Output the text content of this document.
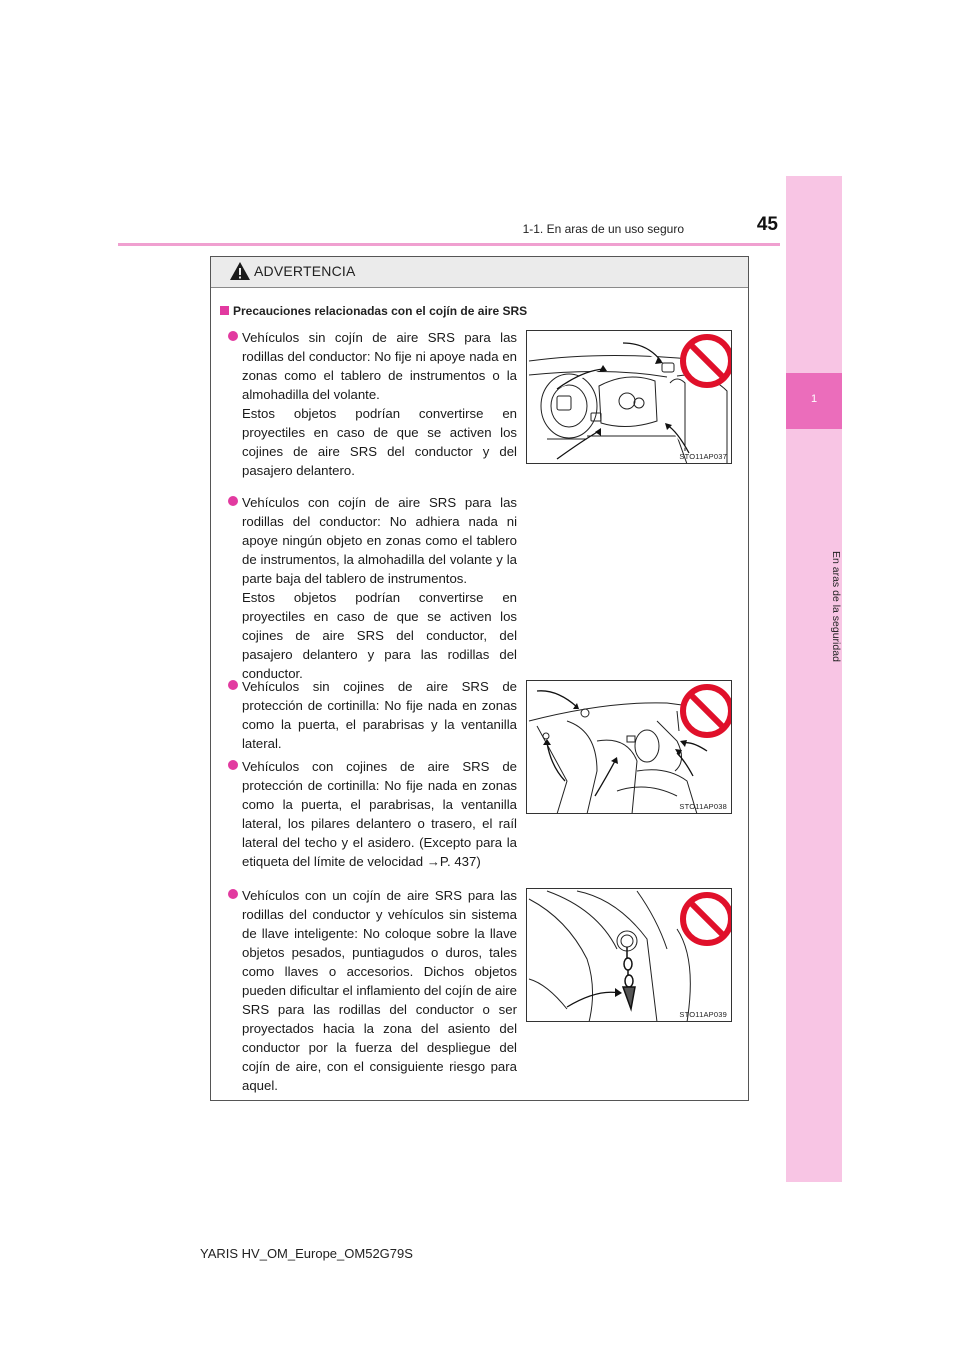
1-1. En aras de un uso seguro	45
1
En aras de la seguridad
ADVERTENCIA
Precauciones relacionadas con el cojín de aire SRS
Vehículos sin cojín de aire SRS para las rodillas del conductor: No fije ni apoye nada en zonas como el tablero de instrumentos o la almohadilla del volante.
Estos objetos podrían convertirse en proyectiles en caso de que se activen los cojines de aire SRS del conductor y del pasajero delantero.
Vehículos con cojín de aire SRS para las rodillas del conductor: No adhiera nada ni apoye ningún objeto en zonas como el tablero de instrumentos, la almohadilla del volante y la parte baja del tablero de instrumentos.
Estos objetos podrían convertirse en proyectiles en caso de que se activen los cojines de aire SRS del conductor, del pasajero delantero y para las rodillas del conductor.
Vehículos sin cojines de aire SRS de protección de cortinilla: No fije nada en zonas como la puerta, el parabrisas y la ventanilla lateral.
Vehículos con cojines de aire SRS de protección de cortinilla: No fije nada en zonas como la puerta, el parabrisas, la ventanilla lateral, los pilares delantero o trasero, el raíl lateral del techo y el asidero. (Excepto para la etiqueta del límite de velocidad →P. 437)
Vehículos con un cojín de aire SRS para las rodillas del conductor y vehículos sin sistema de llave inteligente: No coloque sobre la llave objetos pesados, puntiagudos o duros, tales como llaves o accesorios. Dichos objetos pueden dificultar el inflamiento del cojín de aire SRS para las rodillas del conductor o ser proyectados hacia la zona del asiento del conductor por la fuerza del despliegue del cojín de aire, con el consiguiente riesgo para aquel.
STO11AP037
STO11AP038
STO11AP039
YARIS HV_OM_Europe_OM52G79S
